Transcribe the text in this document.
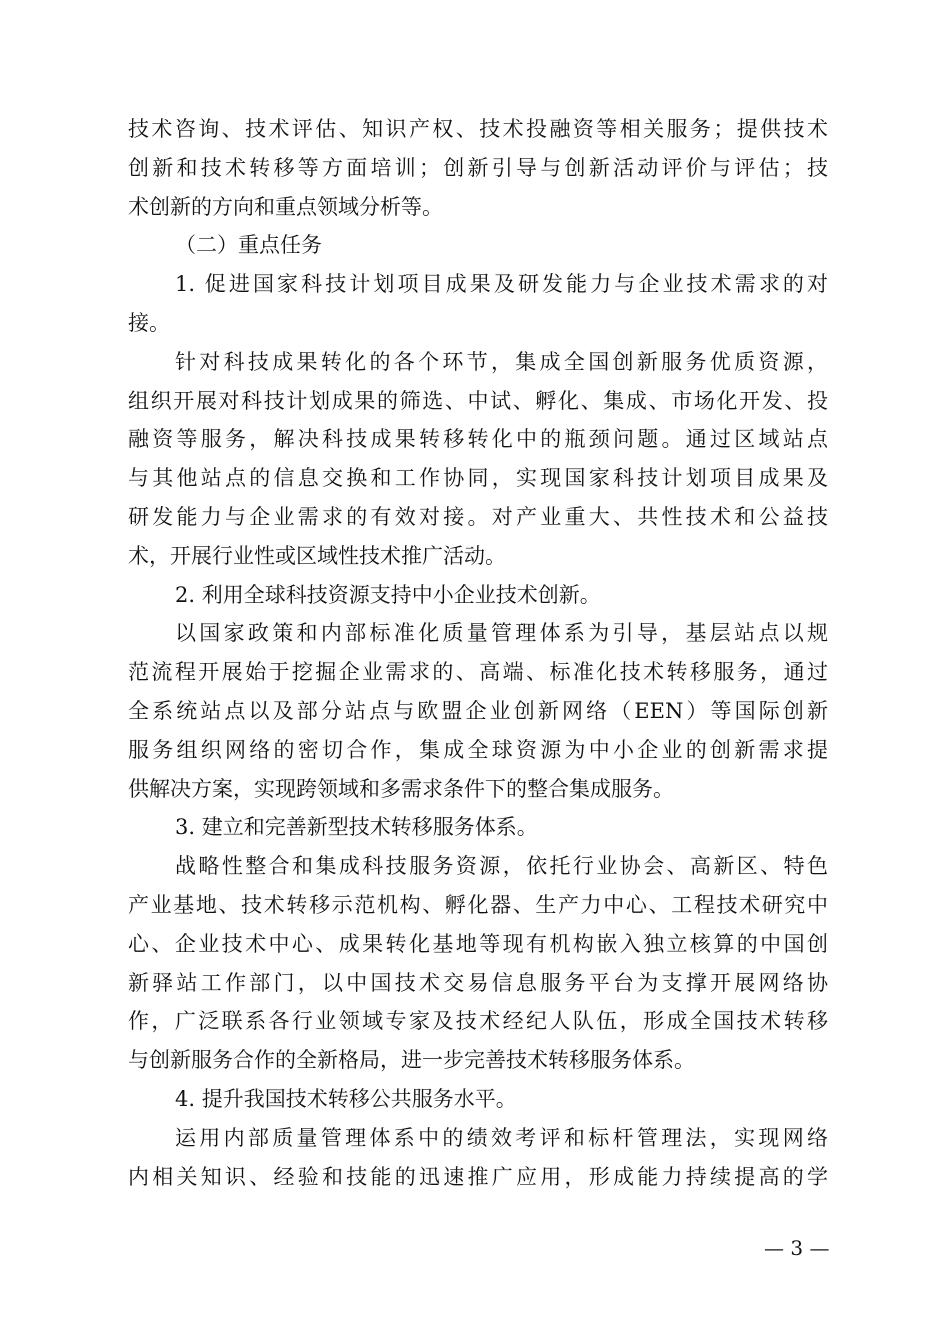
技术咨询、技术评估、知识产权、技术投融资等相关服务；提供技术
创新和技术转移等方面培训；创新引导与创新活动评价与评估；技
术创新的方向和重点领域分析等。
（二）重点任务
1. 促进国家科技计划项目成果及研发能力与企业技术需求的对
接。
针对科技成果转化的各个环节，集成全国创新服务优质资源，
组织开展对科技计划成果的筛选、中试、孵化、集成、市场化开发、投
融资等服务，解决科技成果转移转化中的瓶颈问题。通过区域站点
与其他站点的信息交换和工作协同，实现国家科技计划项目成果及
研发能力与企业需求的有效对接。对产业重大、共性技术和公益技
术，开展行业性或区域性技术推广活动。
2. 利用全球科技资源支持中小企业技术创新。
以国家政策和内部标准化质量管理体系为引导，基层站点以规
范流程开展始于挖掘企业需求的、高端、标准化技术转移服务，通过
全系统站点以及部分站点与欧盟企业创新网络（EEN）等国际创新
服务组织网络的密切合作，集成全球资源为中小企业的创新需求提
供解决方案，实现跨领域和多需求条件下的整合集成服务。
3. 建立和完善新型技术转移服务体系。
战略性整合和集成科技服务资源，依托行业协会、高新区、特色
产业基地、技术转移示范机构、孵化器、生产力中心、工程技术研究中
心、企业技术中心、成果转化基地等现有机构嵌入独立核算的中国创
新驿站工作部门，以中国技术交易信息服务平台为支撑开展网络协
作，广泛联系各行业领域专家及技术经纪人队伍，形成全国技术转移
与创新服务合作的全新格局，进一步完善技术转移服务体系。
4. 提升我国技术转移公共服务水平。
运用内部质量管理体系中的绩效考评和标杆管理法，实现网络
内相关知识、经验和技能的迅速推广应用，形成能力持续提高的学
— 3 —
